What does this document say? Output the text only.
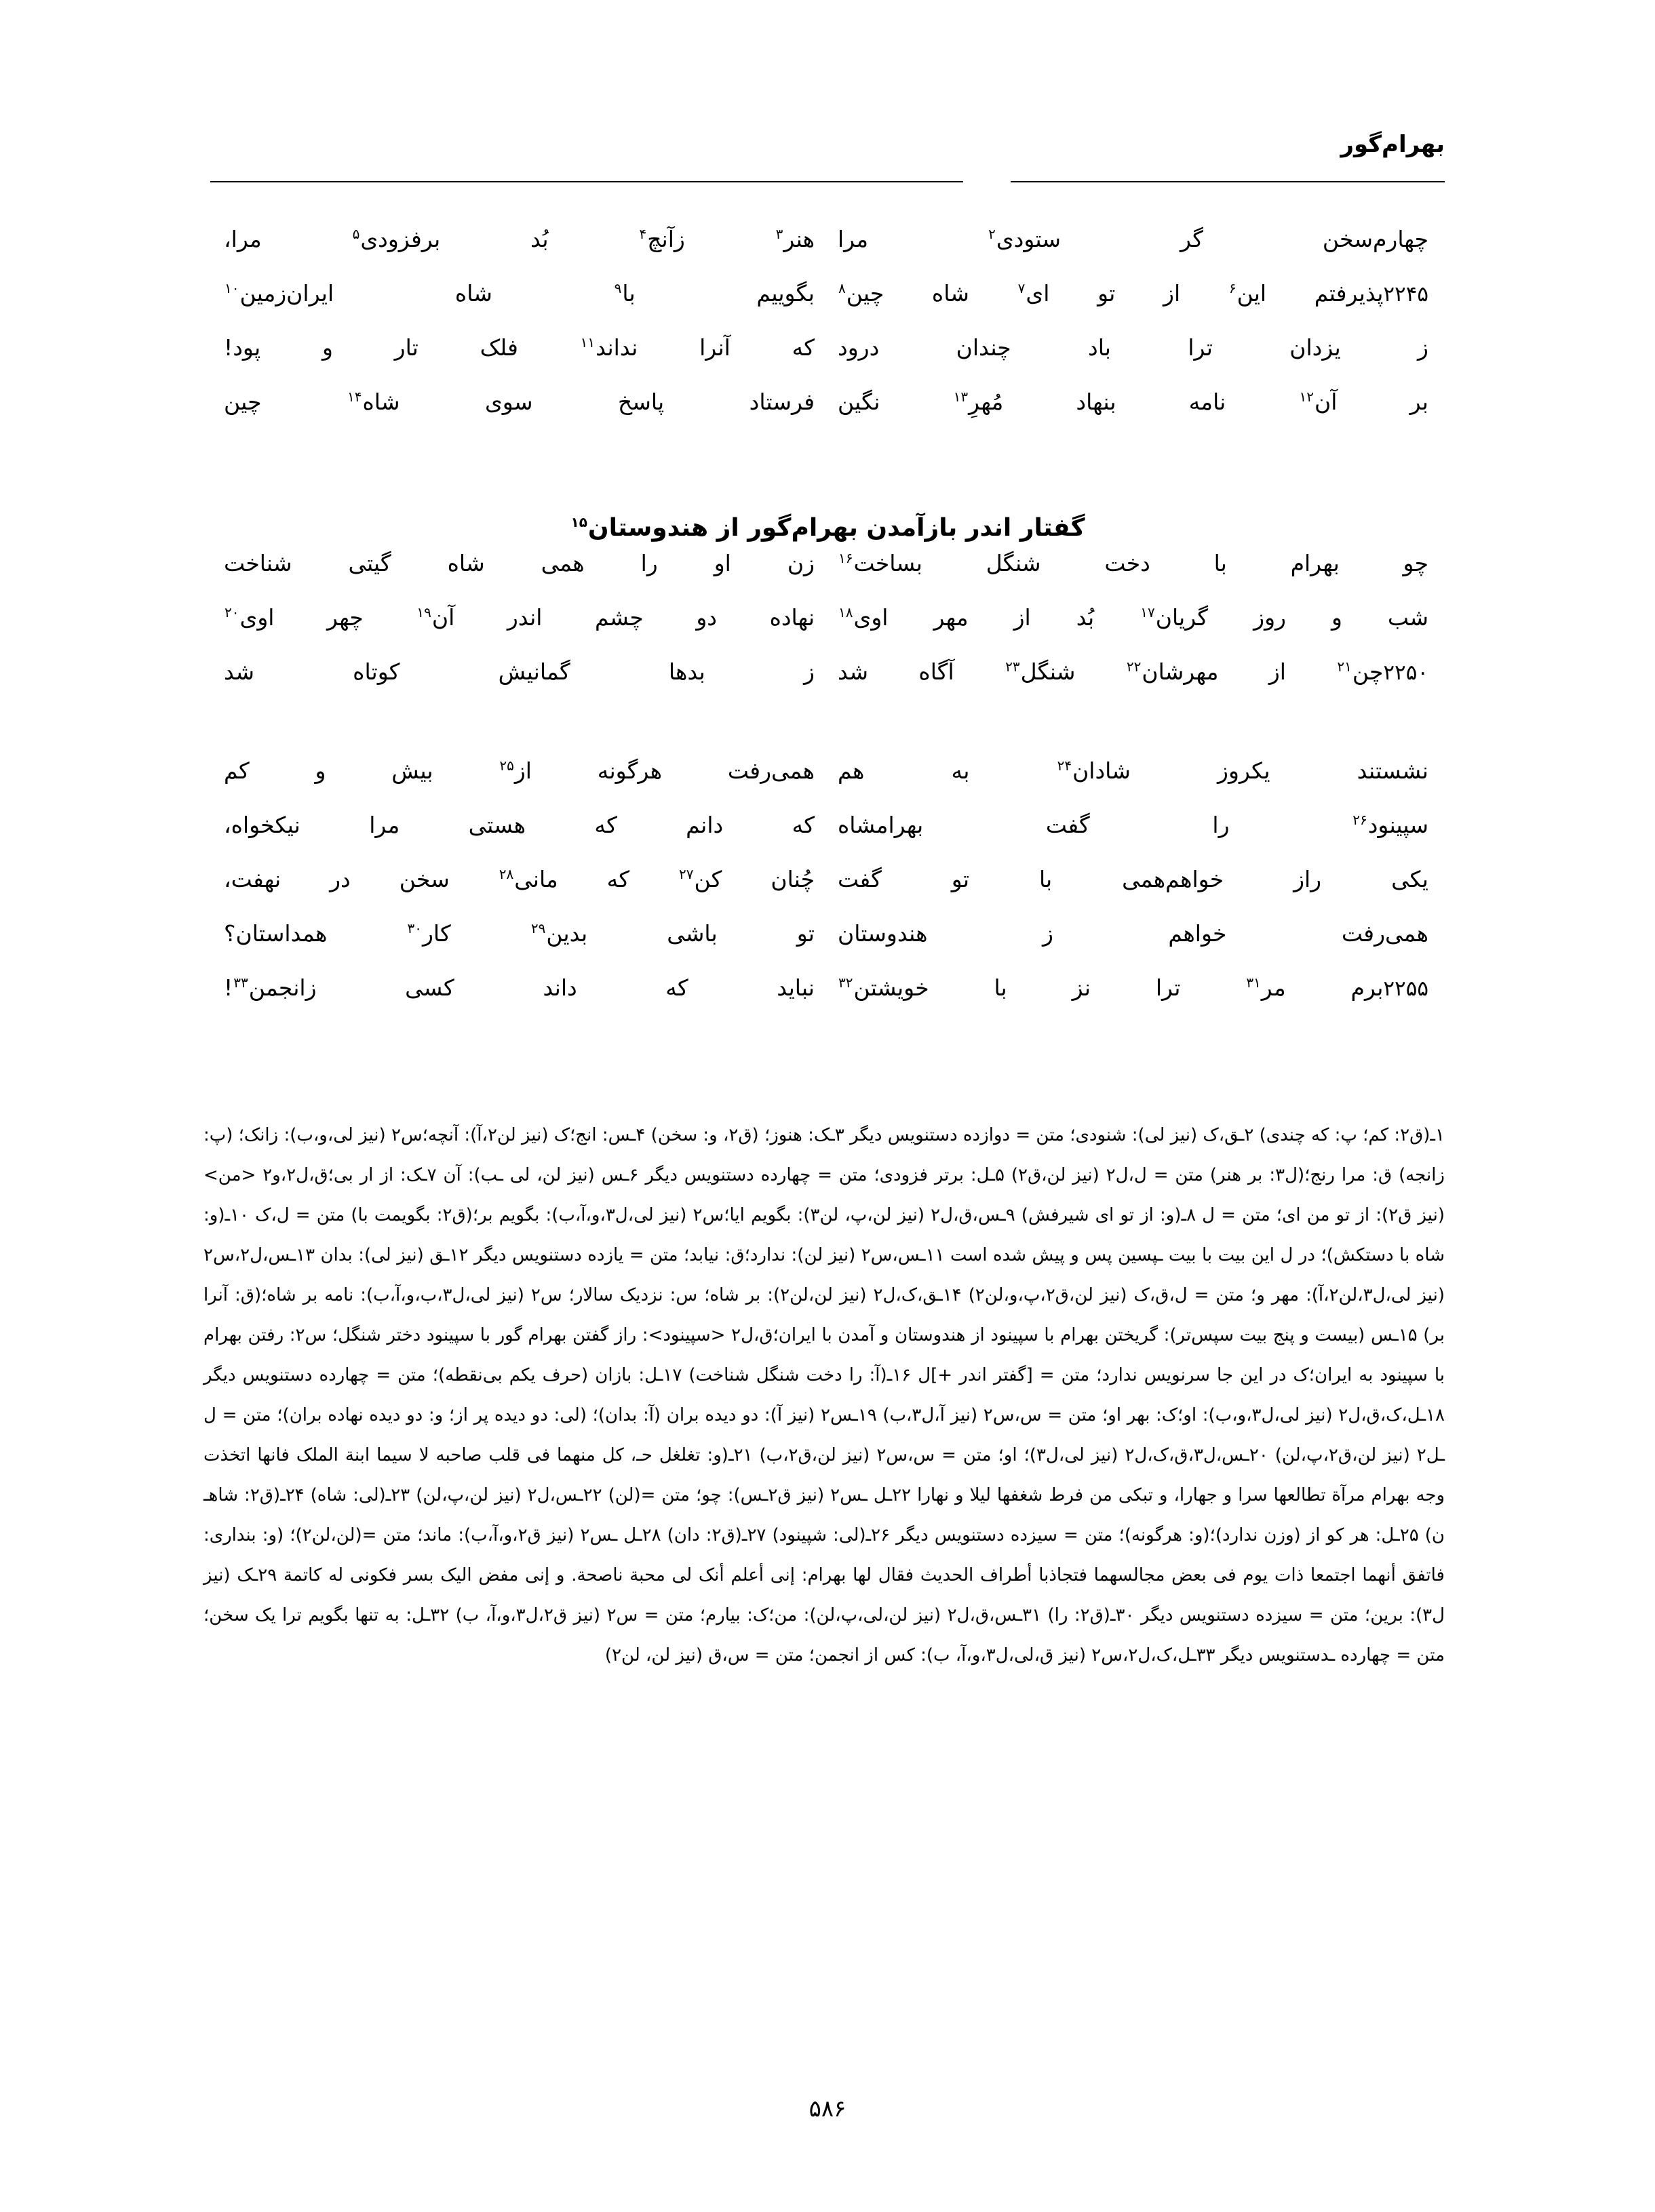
بهرام‌گور
چهارم‌سخن گر ستودی$^۲$ مرا
هنر$^۳$ زآنچ$^۴$ بُد برفزودی$^۵$ مرا،
۲۲۴۵پذیرفتم این$^۶$ از تو ای$^۷$ شاه چین$^۸$
بگوییم با$^۹$ شاه ایران‌زمین$^{۱۰}$
ز یزدان ترا باد چندان درود
که آنرا نداند$^{۱۱}$ فلک تار و پود!
بر آن$^{۱۲}$ نامه بنهاد مُهرِ$^{۱۳}$ نگین
فرستاد پاسخ سوی شاه$^{۱۴}$ چین
چو بهرام با دخت شنگل بساخت$^{۱۶}$
زن او را همی شاه گیتی شناخت
شب و روز گریان$^{۱۷}$ بُد از مهر اوی$^{۱۸}$
نهاده دو چشم اندر آن$^{۱۹}$ چهر اوی$^{۲۰}$
۲۲۵۰چن$^{۲۱}$ از مهرشان$^{۲۲}$ شنگل$^{۲۳}$ آگاه شد
ز بدها گمانیش کوتاه شد
نشستند یکروز شادان$^{۲۴}$ به هم
همی‌رفت هرگونه از$^{۲۵}$ بیش و کم
سپینود$^{۲۶}$ را گفت بهرامشاه
که دانم که هستی مرا نیکخواه،
یکی راز خواهم‌همی با تو گفت
چُنان کن$^{۲۷}$ که مانی$^{۲۸}$ سخن در نهفت،
همی‌رفت خواهم ز هندوستان
تو باشی بدین$^{۲۹}$ کار$^{۳۰}$ همداستان؟
۲۲۵۵برم مر$^{۳۱}$ ترا نز با خویشتن$^{۳۲}$
نباید که داند کسی زانجمن$^{۳۳}$!
گفتار اندر بازآمدن بهرام‌گور از هندوستان$^{۱۵}$
۱ـ(ق۲: کم؛ پ: که چندی) ۲ـق،ک (نیز لی): شنودی؛ متن = دوازده دستنویس دیگر ۳ـک: هنوز؛ (ق۲، و: سخن) ۴ـس: انج؛ک (نیز لن۲،آ): آنچه؛س۲ (نیز لی،و،ب): زانک؛ (پ: زانجه) ق: مرا رنج؛(ل۳: بر هنر) متن = ل،ل۲ (نیز لن،ق۲) ۵ـل: برتر فزودی؛ متن = چهارده دستنویس دیگر ۶ـس (نیز لن، لی ـب): آن ۷ـک: از ار بی؛ق،ل۲،و۲ <من> (نیز ق۲): از تو من ای؛ متن = ل ۸ـ(و: از تو ای شیرفش) ۹ـس،ق،ل۲ (نیز لن،پ، لن۳): بگویم ایا؛س۲ (نیز لی،ل۳،و،آ،ب): بگویم بر؛(ق۲: بگویمت با) متن = ل،ک ۱۰ـ(و: شاه با دستکش)؛ در ل این بیت با بیت ـپسین پس و پیش شده است ۱۱ـس،س۲ (نیز لن): ندارد؛ق: نیابد؛ متن = یازده دستنویس دیگر ۱۲ـق (نیز لی): بدان ۱۳ـس،ل۲،س۲ (نیز لی،ل۳،لن۲،آ): مهر و؛ متن = ل،ق،ک (نیز لن،ق۲،پ،و،لن۲) ۱۴ـق،ک،ل۲ (نیز لن،لن۲): بر شاه؛ س: نزدیک سالار؛ س۲ (نیز لی،ل۳،ب،و،آ،ب): نامه بر شاه؛(ق: آنرا بر) ۱۵ـس (بیست و پنج بیت سپس‌تر): گریختن بهرام با سپینود از هندوستان و آمدن با ایران؛ق،ل۲ <سپینود>: راز گفتن بهرام گور با سپینود دختر شنگل؛ س۲: رفتن بهرام با سپینود به ایران؛ک در این جا سرنویس ندارد؛ متن = [گفتر اندر +]ل ۱۶ـ(آ: را دخت شنگل شناخت) ۱۷ـل: بازان (حرف یکم بی‌نقطه)؛ متن = چهارده دستنویس دیگر ۱۸ـل،ک،ق،ل۲ (نیز لی،ل۳،و،ب): او؛ک: بهر او؛ متن = س،س۲ (نیز آ،ل۳،ب) ۱۹ـس۲ (نیز آ): دو دیده بران (آ: بدان)؛ (لی: دو دیده پر از؛ و: دو دیده نهاده بران)؛ متن = ل ـل۲ (نیز لن،ق۲،پ،لن) ۲۰ـس،ل۳،ق،ک،ل۲ (نیز لی،ل۳)؛ او؛ متن = س،س۲ (نیز لن،ق۲،ب) ۲۱ـ(و: تغلغل حـ، کل منهما فی قلب صاحبه لا سیما ابنة الملک فانها اتخذت وجه بهرام مرآة تطالعها سرا و جهارا، و تبکی من فرط شغفها لیلا و نهارا ۲۲ـل ـس۲ (نیز ق۲ـس): چو؛ متن =(لن) ۲۲ـس،ل۲ (نیز لن،پ،لن) ۲۳ـ(لی: شاه) ۲۴ـ(ق۲: شاهـ ن) ۲۵ـل: هر کو از (وزن ندارد)؛(و: هرگونه)؛ متن = سیزده دستنویس دیگر ۲۶ـ(لی: شپینود) ۲۷ـ(ق۲: دان) ۲۸ـل ـس۲ (نیز ق۲،و،آ،ب): ماند؛ متن =(لن،لن۲)؛ (و: بنداری: فاتفق أنهما اجتمعا ذات یوم فی بعض مجالسهما فتجاذبا أطراف الحدیث فقال لها بهرام: إنی أعلم أنک لی محبة ناصحة. و إنی مفض الیک بسر فکونی له کاتمة ۲۹ـک (نیز ل۳): برین؛ متن = سیزده دستنویس دیگر ۳۰ـ(ق۲: را) ۳۱ـس،ق،ل۲ (نیز لن،لی،پ،لن): من؛ک: بیارم؛ متن = س۲ (نیز ق۲،ل۳،و،آ، ب) ۳۲ـل: به تنها بگویم ترا یک سخن؛ متن = چهارده ـدستنویس دیگر ۳۳ـل،ک،ل۲،س۲ (نیز ق،لی،ل۳،و،آ، ب): کس از انجمن؛ متن = س،ق (نیز لن، لن۲)
۵۸۶
